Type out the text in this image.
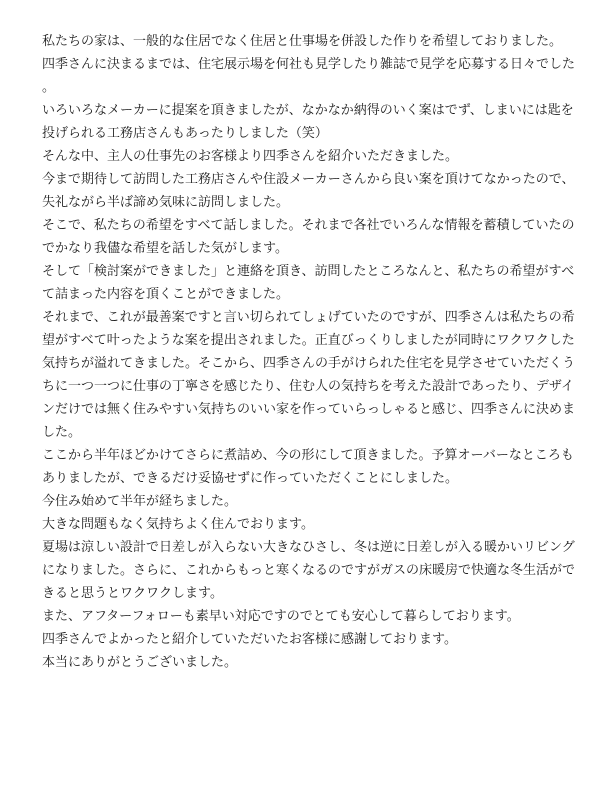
私たちの家は、一般的な住居でなく住居と仕事場を併設した作りを希望しておりました。

四季さんに決まるまでは、住宅展示場を何社も見学したり雑誌で見学を応募する日々でした。

いろいろなメーカーに提案を頂きましたが、なかなか納得のいく案はでず、しまいには匙を投げられる工務店さんもあったりしました（笑）

そんな中、主人の仕事先のお客様より四季さんを紹介いただきました。

今まで期待して訪問した工務店さんや住設メーカーさんから良い案を頂けてなかったので、失礼ながら半ば諦め気味に訪問しました。

そこで、私たちの希望をすべて話しました。それまで各社でいろんな情報を蓄積していたのでかなり我儘な希望を話した気がします。

そして「検討案ができました」と連絡を頂き、訪問したところなんと、私たちの希望がすべて詰まった内容を頂くことができました。

それまで、これが最善案ですと言い切られてしょげていたのですが、四季さんは私たちの希望がすべて叶ったような案を提出されました。正直びっくりしましたが同時にワクワクした気持ちが溢れてきました。そこから、四季さんの手がけられた住宅を見学させていただくうちに一つ一つに仕事の丁寧さを感じたり、住む人の気持ちを考えた設計であったり、デザインだけでは無く住みやすい気持ちのいい家を作っていらっしゃると感じ、四季さんに決めました。

ここから半年ほどかけてさらに煮詰め、今の形にして頂きました。予算オーバーなところもありましたが、できるだけ妥協せずに作っていただくことにしました。

今住み始めて半年が経ちました。

大きな問題もなく気持ちよく住んでおります。

夏場は涼しい設計で日差しが入らない大きなひさし、冬は逆に日差しが入る暖かいリビングになりました。さらに、これからもっと寒くなるのですがガスの床暖房で快適な冬生活ができると思うとワクワクします。

また、アフターフォローも素早い対応ですのでとても安心して暮らしております。

四季さんでよかったと紹介していただいたお客様に感謝しております。

本当にありがとうございました。
